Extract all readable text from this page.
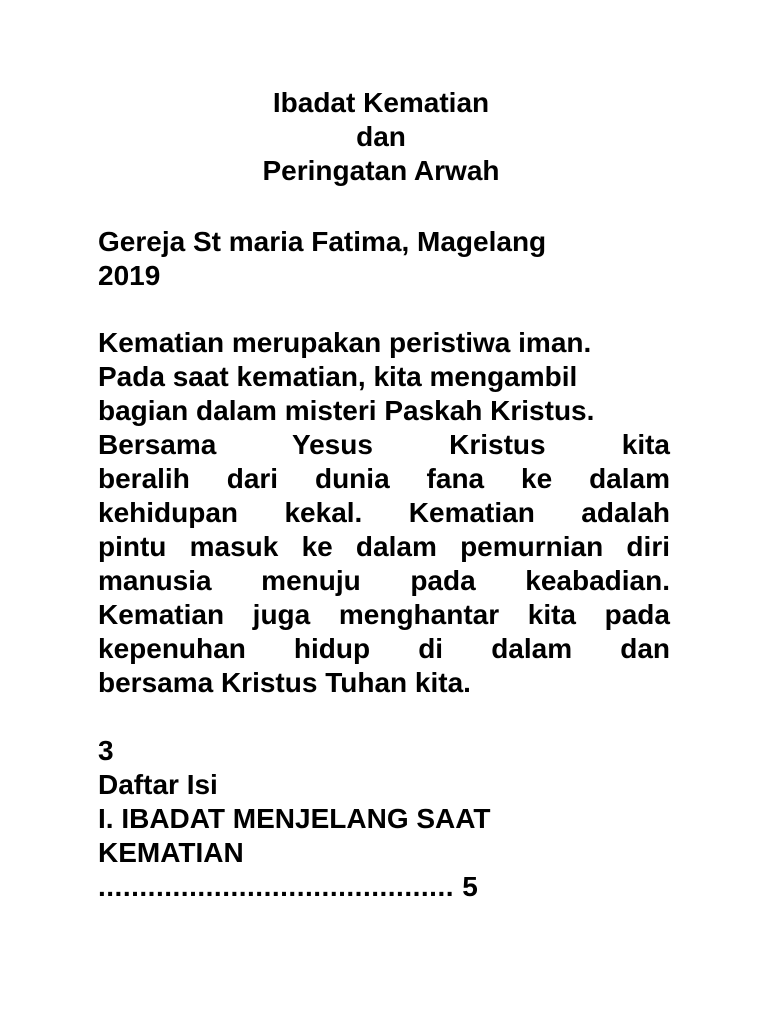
Ibadat Kematian
dan
Peringatan Arwah
Gereja St maria Fatima, Magelang
2019
Kematian merupakan peristiwa iman.
Pada saat kematian, kita mengambil
bagian dalam misteri Paskah Kristus.
Bersama Yesus Kristus kita
beralih dari dunia fana ke dalam
kehidupan kekal. Kematian adalah
pintu masuk ke dalam pemurnian diri
manusia menuju pada keabadian.
Kematian juga menghantar kita pada
kepenuhan hidup di dalam dan
bersama Kristus Tuhan kita.
3
Daftar Isi
I. IBADAT MENJELANG SAAT
KEMATIAN
........................................... 5
